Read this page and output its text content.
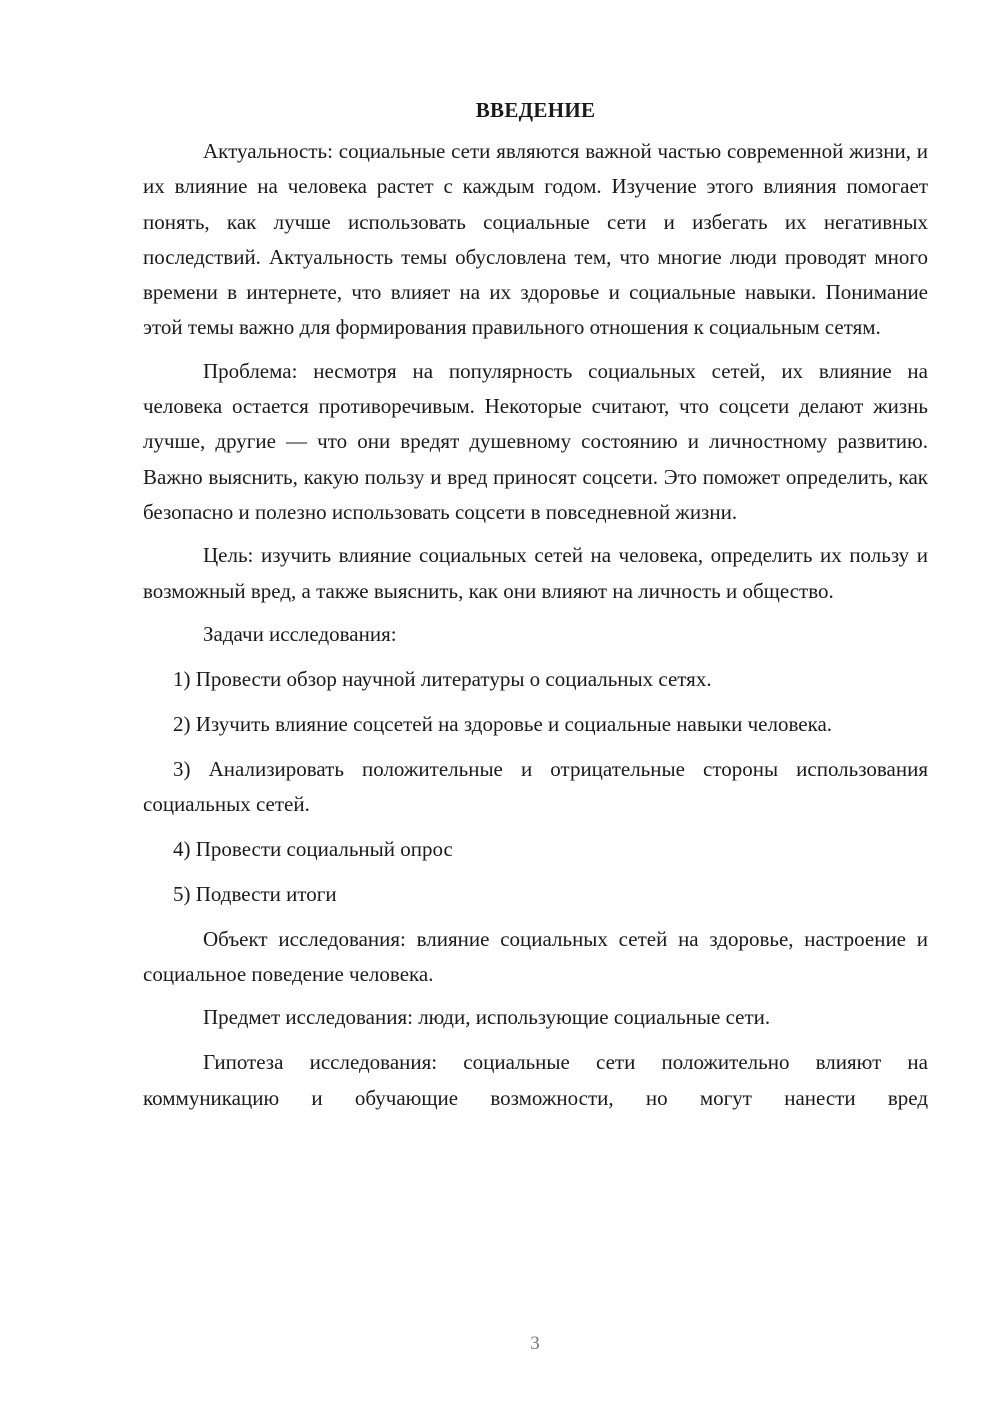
ВВЕДЕНИЕ

Актуальность: социальные сети являются важной частью современной жизни, и их влияние на человека растет с каждым годом. Изучение этого влияния помогает понять, как лучше использовать социальные сети и избегать их негативных последствий. Актуальность темы обусловлена тем, что многие люди проводят много времени в интернете, что влияет на их здоровье и социальные навыки. Понимание этой темы важно для формирования правильного отношения к социальным сетям.

Проблема: несмотря на популярность социальных сетей, их влияние на человека остается противоречивым. Некоторые считают, что соцсети делают жизнь лучше, другие — что они вредят душевному состоянию и личностному развитию. Важно выяснить, какую пользу и вред приносят соцсети. Это поможет определить, как безопасно и полезно использовать соцсети в повседневной жизни.

Цель: изучить влияние социальных сетей на человека, определить их пользу и возможный вред, а также выяснить, как они влияют на личность и общество.

Задачи исследования:

1) Провести обзор научной литературы о социальных сетях.

2) Изучить влияние соцсетей на здоровье и социальные навыки человека.

3) Анализировать положительные и отрицательные стороны использования социальных сетей.

4) Провести социальный опрос

5) Подвести итоги

Объект исследования: влияние социальных сетей на здоровье, настроение и социальное поведение человека.

Предмет исследования: люди, использующие социальные сети.

Гипотеза исследования: социальные сети положительно влияют на коммуникацию и обучающие возможности, но могут нанести вред

3
